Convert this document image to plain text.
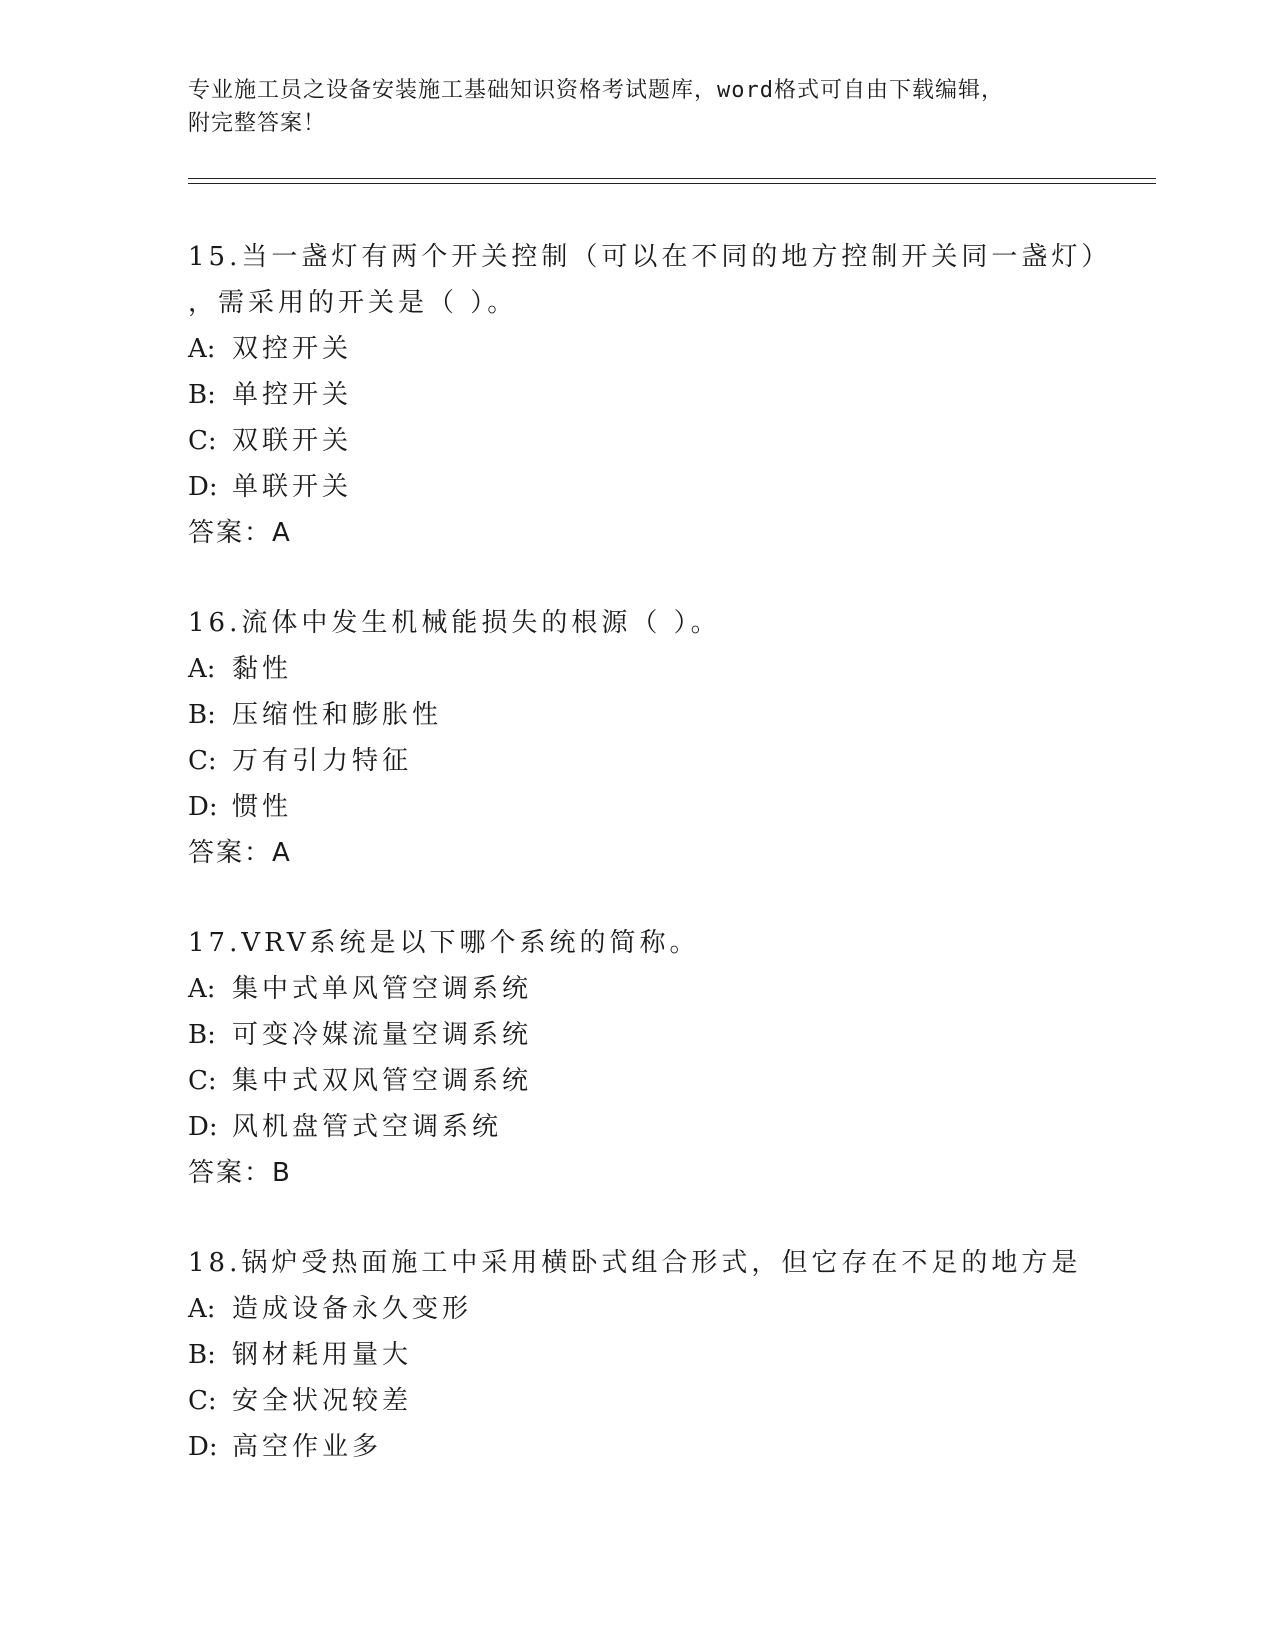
专业施工员之设备安装施工基础知识资格考试题库，word格式可自由下载编辑，
附完整答案！
15.当一盏灯有两个开关控制（可以在不同的地方控制开关同一盏灯）
，需采用的开关是（ ）。
A: 双控开关
B: 单控开关
C: 双联开关
D: 单联开关
答案：A
16.流体中发生机械能损失的根源（ ）。
A: 黏性
B: 压缩性和膨胀性
C: 万有引力特征
D: 惯性
答案：A
17.VRV系统是以下哪个系统的简称。
A: 集中式单风管空调系统
B: 可变冷媒流量空调系统
C: 集中式双风管空调系统
D: 风机盘管式空调系统
答案：B
18.锅炉受热面施工中采用横卧式组合形式，但它存在不足的地方是
A: 造成设备永久变形
B: 钢材耗用量大
C: 安全状况较差
D: 高空作业多
